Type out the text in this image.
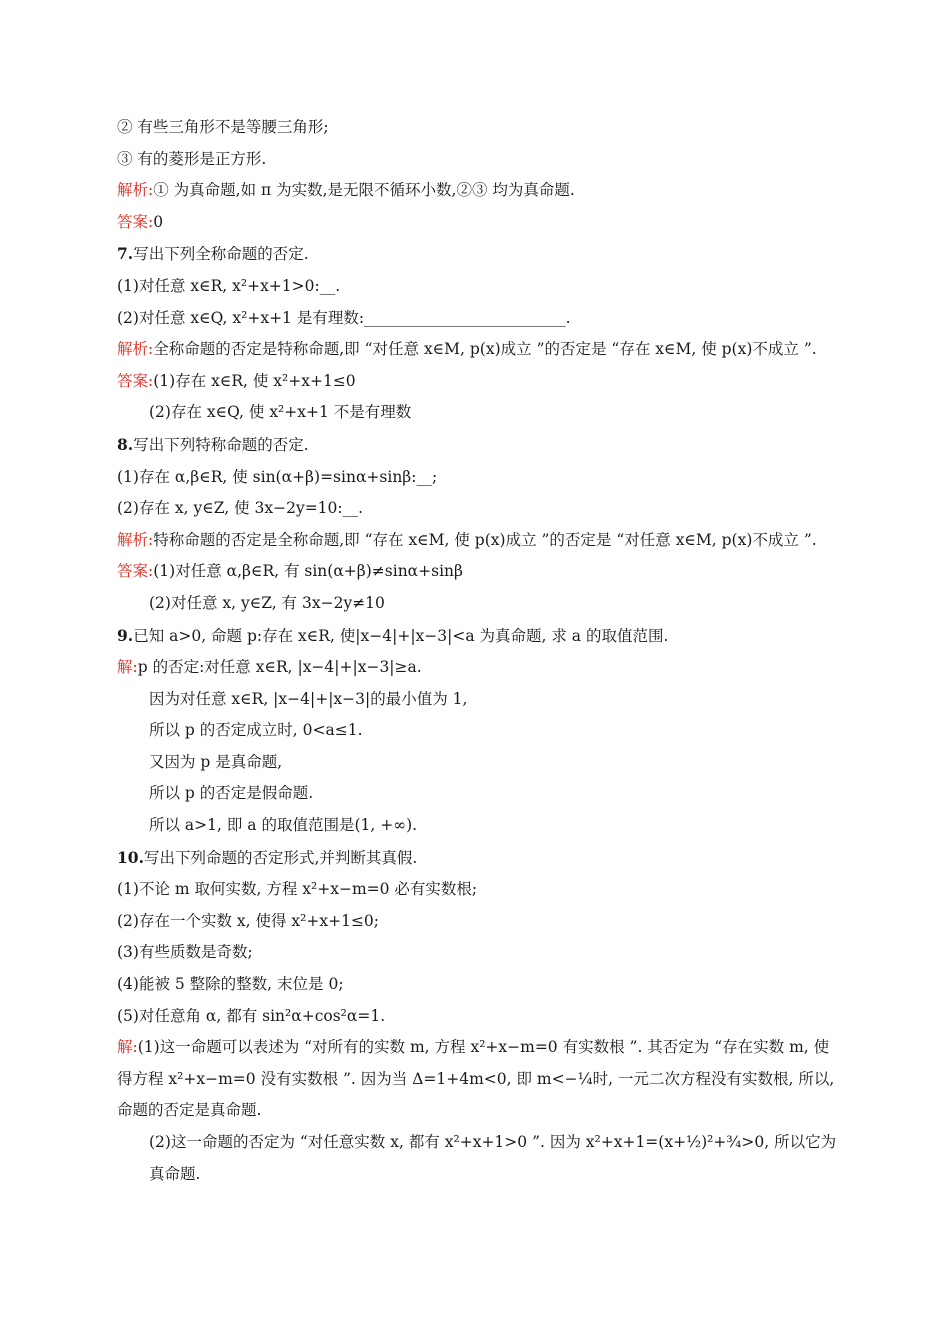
② 有些三角形不是等腰三角形;
③ 有的菱形是正方形.
解析:① 为真命题,如 π 为实数,是无限不循环小数,②③ 均为真命题.
答案:0
7.写出下列全称命题的否定.
(1)对任意 x∈R, x²+x+1>0:__.
(2)对任意 x∈Q, x²+x+1 是有理数:__________________________.
解析:全称命题的否定是特称命题,即 “对任意 x∈M, p(x)成立 ”的否定是 “存在 x∈M, 使 p(x)不成立 ”.
答案:(1)存在 x∈R, 使 x²+x+1≤0
(2)存在 x∈Q, 使 x²+x+1 不是有理数
8.写出下列特称命题的否定.
(1)存在 α,β∈R, 使 sin(α+β)=sinα+sinβ:__;
(2)存在 x, y∈Z, 使 3x−2y=10:__.
解析:特称命题的否定是全称命题,即 “存在 x∈M, 使 p(x)成立 ”的否定是 “对任意 x∈M, p(x)不成立 ”.
答案:(1)对任意 α,β∈R, 有 sin(α+β)≠sinα+sinβ
(2)对任意 x, y∈Z, 有 3x−2y≠10
9.已知 a>0, 命题 p:存在 x∈R, 使|x−4|+|x−3|<a 为真命题, 求 a 的取值范围.
解:p 的否定:对任意 x∈R, |x−4|+|x−3|≥a.
因为对任意 x∈R, |x−4|+|x−3|的最小值为 1,
所以 p 的否定成立时, 0<a≤1.
又因为 p 是真命题,
所以 p 的否定是假命题.
所以 a>1, 即 a 的取值范围是(1, +∞).
10.写出下列命题的否定形式,并判断其真假.
(1)不论 m 取何实数, 方程 x²+x−m=0 必有实数根;
(2)存在一个实数 x, 使得 x²+x+1≤0;
(3)有些质数是奇数;
(4)能被 5 整除的整数, 末位是 0;
(5)对任意角 α, 都有 sin²α+cos²α=1.
解:(1)这一命题可以表述为 “对所有的实数 m, 方程 x²+x−m=0 有实数根 ”. 其否定为 “存在实数 m, 使得方程 x²+x−m=0 没有实数根 ”. 因为当 Δ=1+4m<0, 即 m<−¼时, 一元二次方程没有实数根, 所以, 命题的否定是真命题.
(2)这一命题的否定为 “对任意实数 x, 都有 x²+x+1>0 ”. 因为 x²+x+1=(x+½)²+¾>0, 所以它为真命题.
